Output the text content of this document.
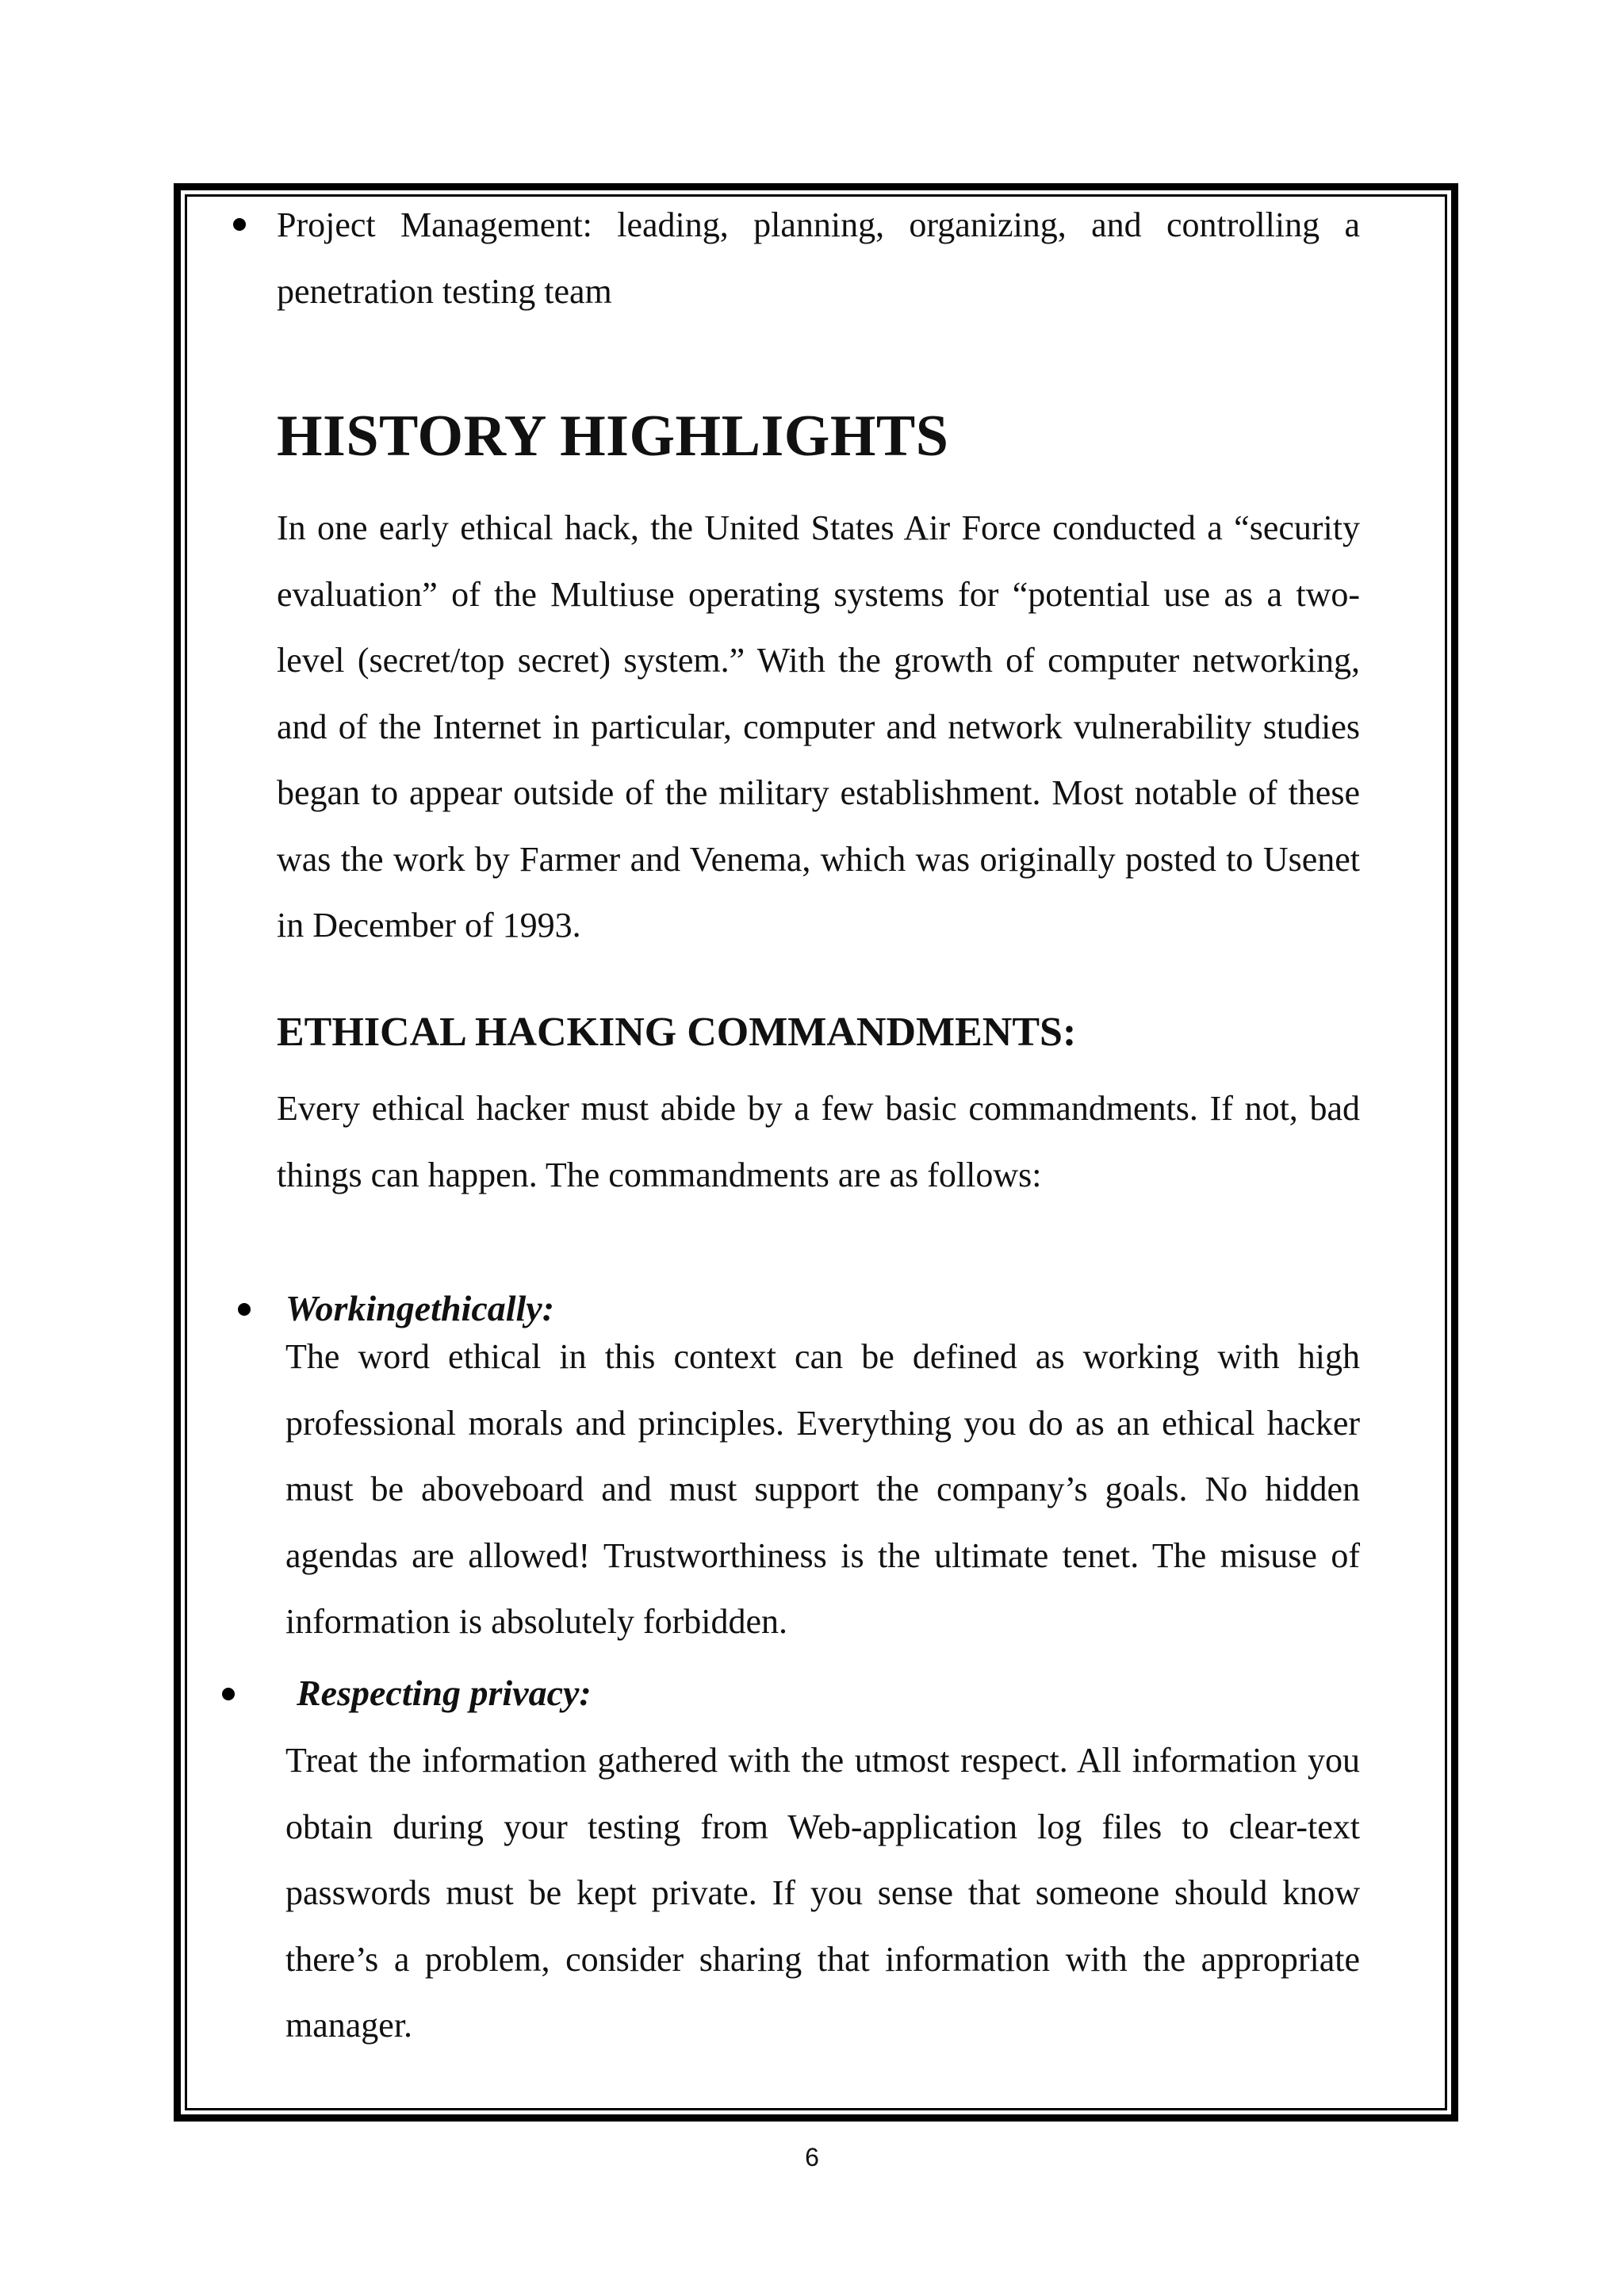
Project Management: leading, planning, organizing, and controlling a penetration testing team

HISTORY HIGHLIGHTS

In one early ethical hack, the United States Air Force conducted a “security evaluation” of the Multiuse operating systems for “potential use as a two-level (secret/top secret) system.” With the growth of computer networking, and of the Internet in particular, computer and network vulnerability studies began to appear outside of the military establishment. Most notable of these was the work by Farmer and Venema, which was originally posted to Usenet in December of 1993.

ETHICAL HACKING COMMANDMENTS:

Every ethical hacker must abide by a few basic commandments. If not, bad things can happen. The commandments are as follows:

Workingethically:

The word ethical in this context can be defined as working with high professional morals and principles. Everything you do as an ethical hacker must be aboveboard and must support the company’s goals. No hidden agendas are allowed! Trustworthiness is the ultimate tenet. The misuse of information is absolutely forbidden.

Respecting privacy:

Treat the information gathered with the utmost respect. All information you obtain during your testing from Web-application log files to clear-text passwords must be kept private. If you sense that someone should know there’s a problem, consider sharing that information with the appropriate manager.

6
